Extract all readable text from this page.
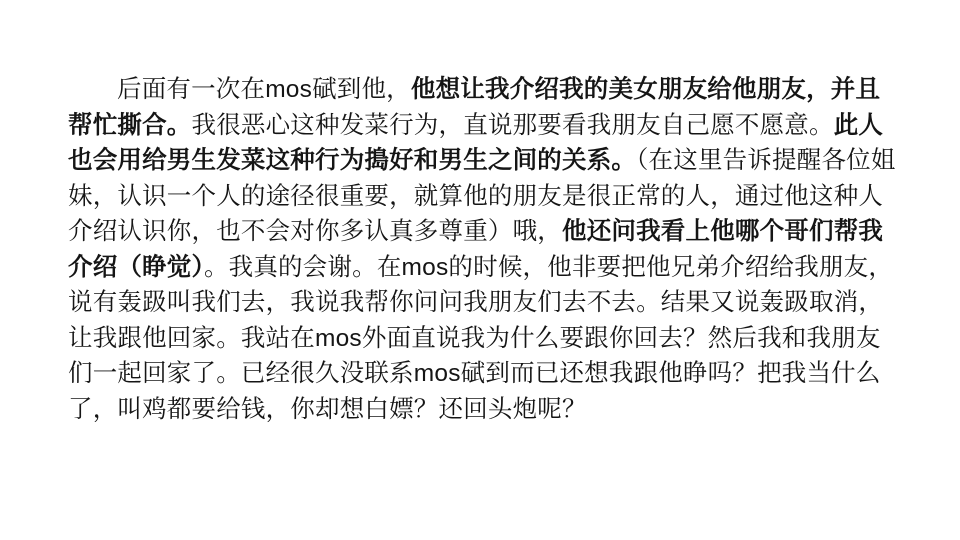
后面有一次在mos碔到他，他想让我介绍我的美女朋友给他朋友，并且帮忙撕合。我很恶心这种发菜行为，直说那要看我朋友自己愿不愿意。此人也会用给男生发菜这种行为搗好和男生之间的关系。（在这里告诉提醒各位姐妹，认识一个人的途径很重要，就算他的朋友是很正常的人，通过他这种人介绍认识你，也不会对你多认真多尊重）哦，他还问我看上他哪个哥们帮我介绍（睁觉）。我真的会谢。在mos的时候，他非要把他兄弟介绍给我朋友，说有轰趿叫我们去，我说我帮你问问我朋友们去不去。结果又说轰趿取消，让我跟他回家。我站在mos外面直说我为什么要跟你回去？然后我和我朋友们一起回家了。已经很久没联系mos碔到而已还想我跟他睁吗？把我当什么了，叫鸡都要给钱，你却想白嫖？还回头炮呢？
